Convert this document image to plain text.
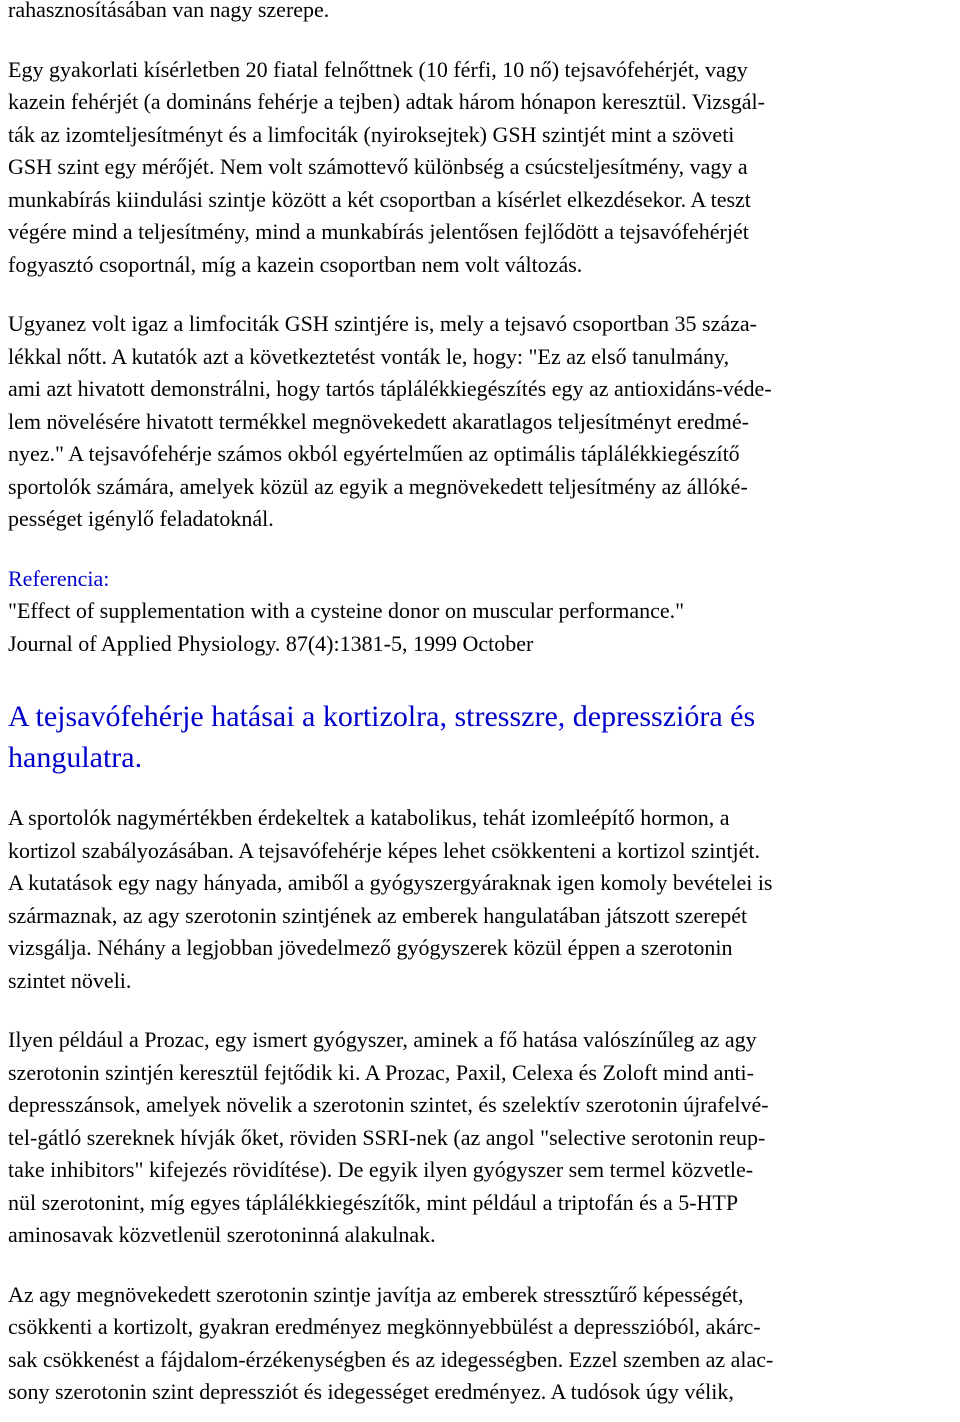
rahasznosításában van nagy szerepe.
Egy gyakorlati kísérletben 20 fiatal felnőttnek (10 férfi, 10 nő) tejsavófehérjét, vagy
kazein fehérjét (a domináns fehérje a tejben) adtak három hónapon keresztül. Vizsgál-
ták az izomteljesítményt és a limfociták (nyiroksejtek) GSH szintjét mint a szöveti
GSH szint egy mérőjét. Nem volt számottevő különbség a csúcsteljesítmény, vagy a
munkabírás kiindulási szintje között a két csoportban a kísérlet elkezdésekor. A teszt
végére mind a teljesítmény, mind a munkabírás jelentősen fejlődött a tejsavófehérjét
fogyasztó csoportnál, míg a kazein csoportban nem volt változás.
Ugyanez volt igaz a limfociták GSH szintjére is, mely a tejsavó csoportban 35 száza-
lékkal nőtt. A kutatók azt a következtetést vonták le, hogy: "Ez az első tanulmány,
ami azt hivatott demonstrálni, hogy tartós táplálékkiegészítés egy az antioxidáns-véde-
lem növelésére hivatott termékkel megnövekedett akaratlagos teljesítményt eredmé-
nyez." A tejsavófehérje számos okból egyértelműen az optimális táplálékkiegészítő
sportolók számára, amelyek közül az egyik a megnövekedett teljesítmény az állóké-
pességet igénylő feladatoknál.
Referencia:
"Effect of supplementation with a cysteine donor on muscular performance."
Journal of Applied Physiology. 87(4):1381-5, 1999 October
A tejsavófehérje hatásai a kortizolra, stresszre, depresszióra és
hangulatra.
A sportolók nagymértékben érdekeltek a katabolikus, tehát izomleépítő hormon, a
kortizol szabályozásában. A tejsavófehérje képes lehet csökkenteni a kortizol szintjét.
A kutatások egy nagy hányada, amiből a gyógyszergyáraknak igen komoly bevételei is
származnak, az agy szerotonin szintjének az emberek hangulatában játszott szerepét
vizsgálja. Néhány a legjobban jövedelmező gyógyszerek közül éppen a szerotonin
szintet növeli.
Ilyen például a Prozac, egy ismert gyógyszer, aminek a fő hatása valószínűleg az agy
szerotonin szintjén keresztül fejtődik ki. A Prozac, Paxil, Celexa és Zoloft mind anti-
depresszánsok, amelyek növelik a szerotonin szintet, és szelektív szerotonin újrafelvé-
tel-gátló szereknek hívják őket, röviden SSRI-nek (az angol "selective serotonin reup-
take inhibitors" kifejezés rövidítése). De egyik ilyen gyógyszer sem termel közvetle-
nül szerotonint, míg egyes táplálékkiegészítők, mint például a triptofán és a 5-HTP
aminosavak közvetlenül szerotoninná alakulnak.
Az agy megnövekedett szerotonin szintje javítja az emberek stressztűrő képességét,
csökkenti a kortizolt, gyakran eredményez megkönnyebbülést a depresszióból, akárc-
sak csökkenést a fájdalom-érzékenységben és az idegességben. Ezzel szemben az alac-
sony szerotonin szint depressziót és idegességet eredményez. A tudósok úgy vélik,
